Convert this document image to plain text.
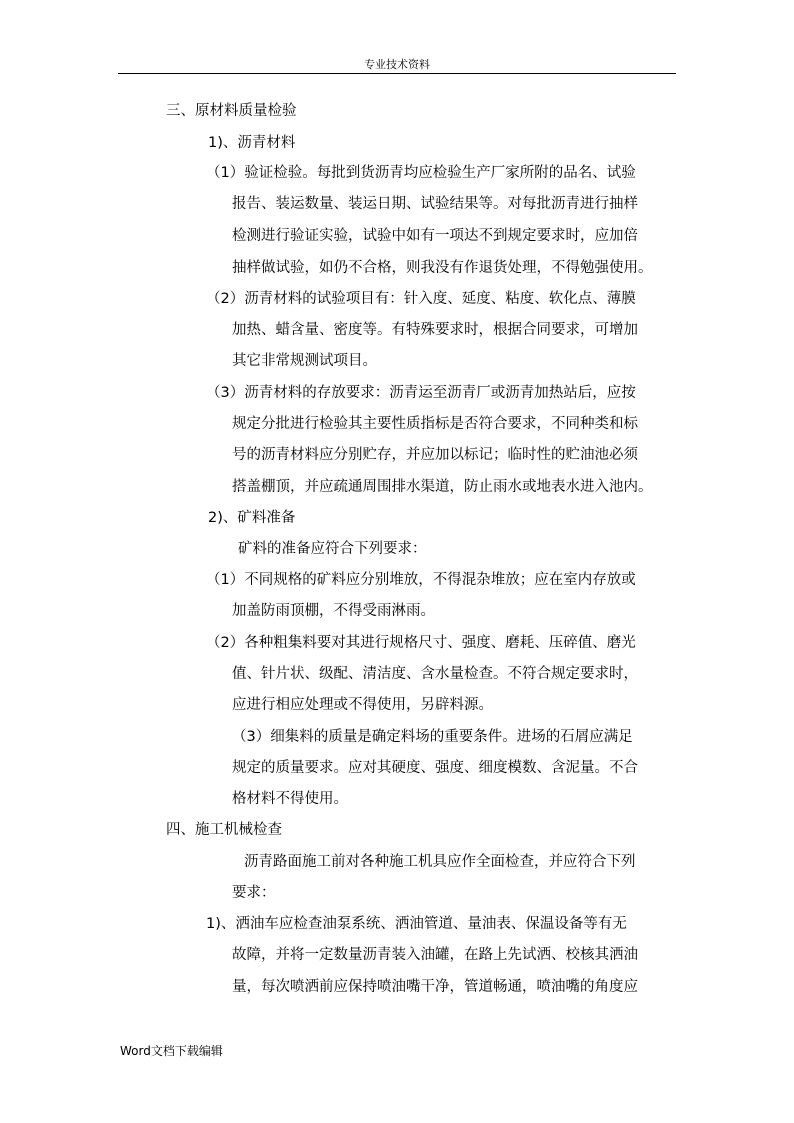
专业技术资料
三、原材料质量检验
1)、沥青材料
（1）验证检验。每批到货沥青均应检验生产厂家所附的品名、试验
报告、装运数量、装运日期、试验结果等。对每批沥青进行抽样
检测进行验证实验，试验中如有一项达不到规定要求时，应加倍
抽样做试验，如仍不合格，则我没有作退货处理，不得勉强使用。
（2）沥青材料的试验项目有：针入度、延度、粘度、软化点、薄膜
加热、蜡含量、密度等。有特殊要求时，根据合同要求，可增加
其它非常规测试项目。
（3）沥青材料的存放要求：沥青运至沥青厂或沥青加热站后，应按
规定分批进行检验其主要性质指标是否符合要求，不同种类和标
号的沥青材料应分别贮存，并应加以标记；临时性的贮油池必须
搭盖棚顶，并应疏通周围排水渠道，防止雨水或地表水进入池内。
2)、矿料准备
矿料的准备应符合下列要求：
（1）不同规格的矿料应分别堆放，不得混杂堆放；应在室内存放或
加盖防雨顶棚，不得受雨淋雨。
（2）各种粗集料要对其进行规格尺寸、强度、磨耗、压碎值、磨光
值、针片状、级配、清洁度、含水量检查。不符合规定要求时，
应进行相应处理或不得使用，另辟料源。
（3）细集料的质量是确定料场的重要条件。进场的石屑应满足
规定的质量要求。应对其硬度、强度、细度模数、含泥量。不合
格材料不得使用。
四、施工机械检查
沥青路面施工前对各种施工机具应作全面检查，并应符合下列
要求：
1)、洒油车应检查油泵系统、洒油管道、量油表、保温设备等有无
故障，并将一定数量沥青装入油罐，在路上先试洒、校核其洒油
量，每次喷洒前应保持喷油嘴干净，管道畅通，喷油嘴的角度应
Word文档下载编辑
